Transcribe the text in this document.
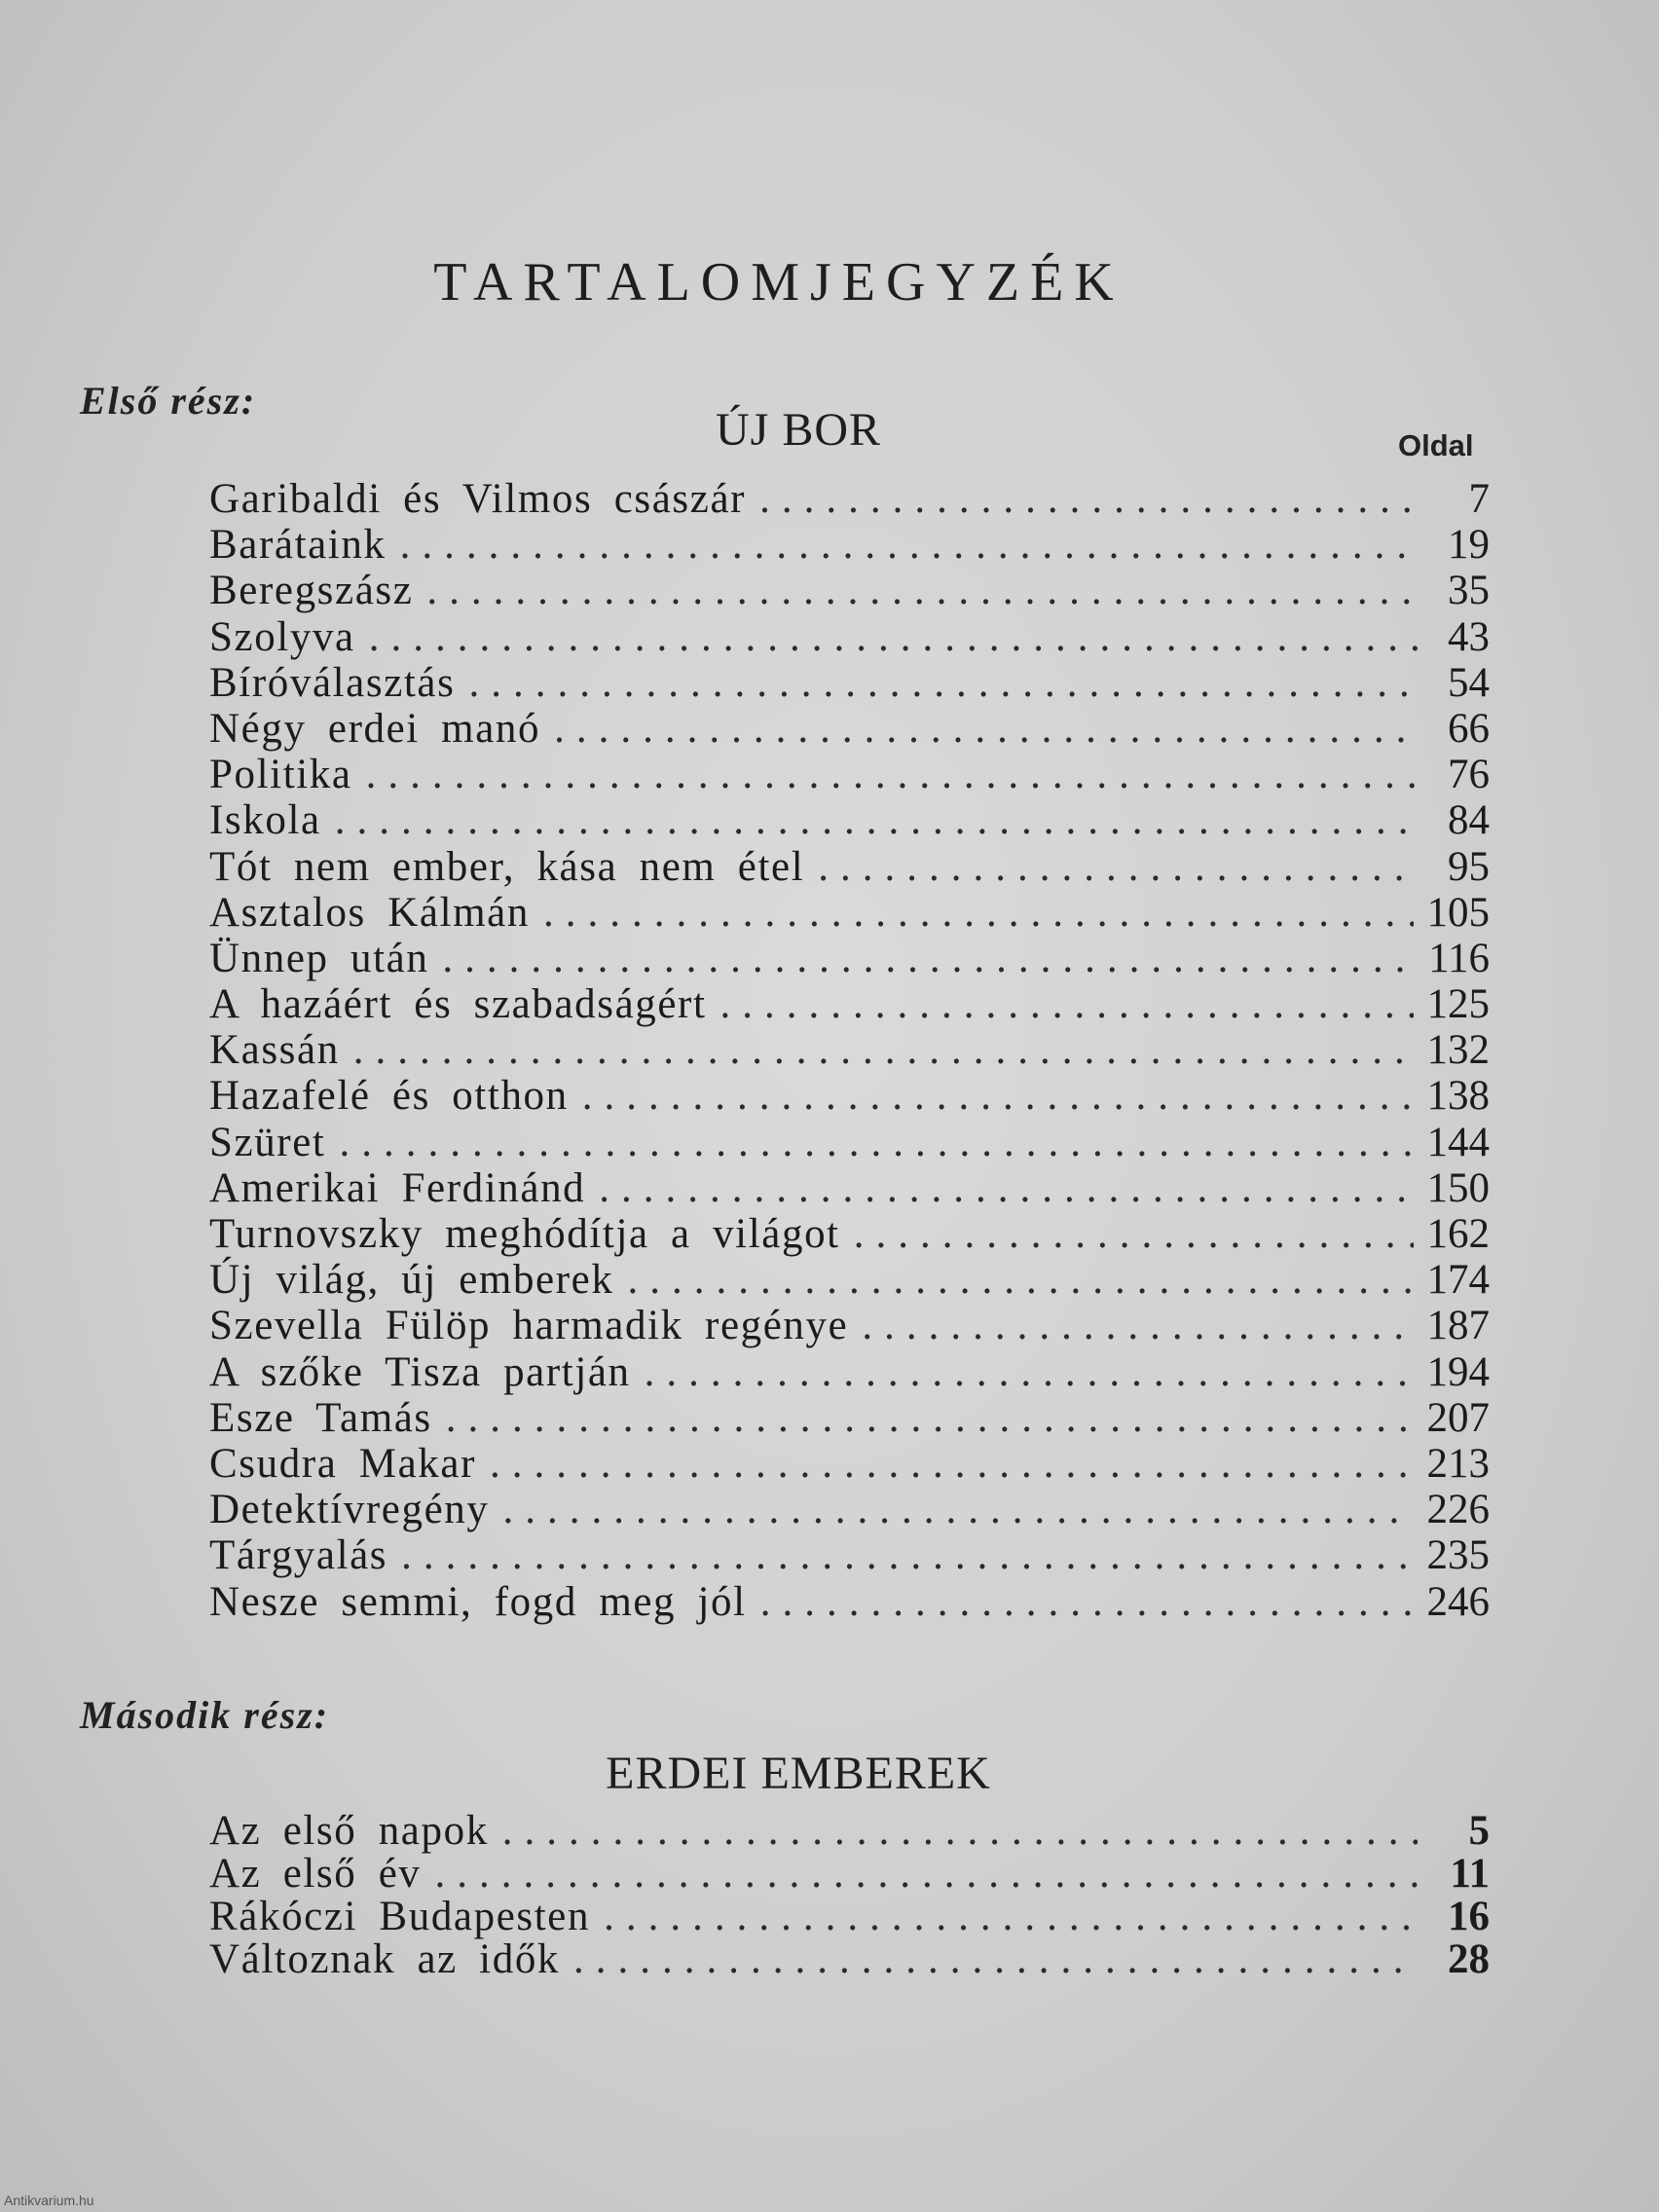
TARTALOMJEGYZÉK
Első rész:
ÚJ BOR	Oldal
Garibaldi és Vilmos császár .....	7
Barátaink .....	19
Beregszász .....	35
Szolyva .....	43
Bíróválasztás .....	54
Négy erdei manó .....	66
Politika .....	76
Iskola .....	84
Tót nem ember, kása nem étel .....	95
Asztalos Kálmán .....	105
Ünnep után .....	116
A hazáért és szabadságért .....	125
Kassán .....	132
Hazafelé és otthon .....	138
Szüret .....	144
Amerikai Ferdinánd .....	150
Turnovszky meghódítja a világot .....	162
Új világ, új emberek .....	174
Szevella Fülöp harmadik regénye .....	187
A szőke Tisza partján .....	194
Esze Tamás .....	207
Csudra Makar .....	213
Detektívregény .....	226
Tárgyalás .....	235
Nesze semmi, fogd meg jól .....	246
Második rész:
ERDEI EMBEREK
Az első napok .....	5
Az első év .....	11
Rákóczi Budapesten .....	16
Változnak az idők .....	28
Antikvarium.hu
